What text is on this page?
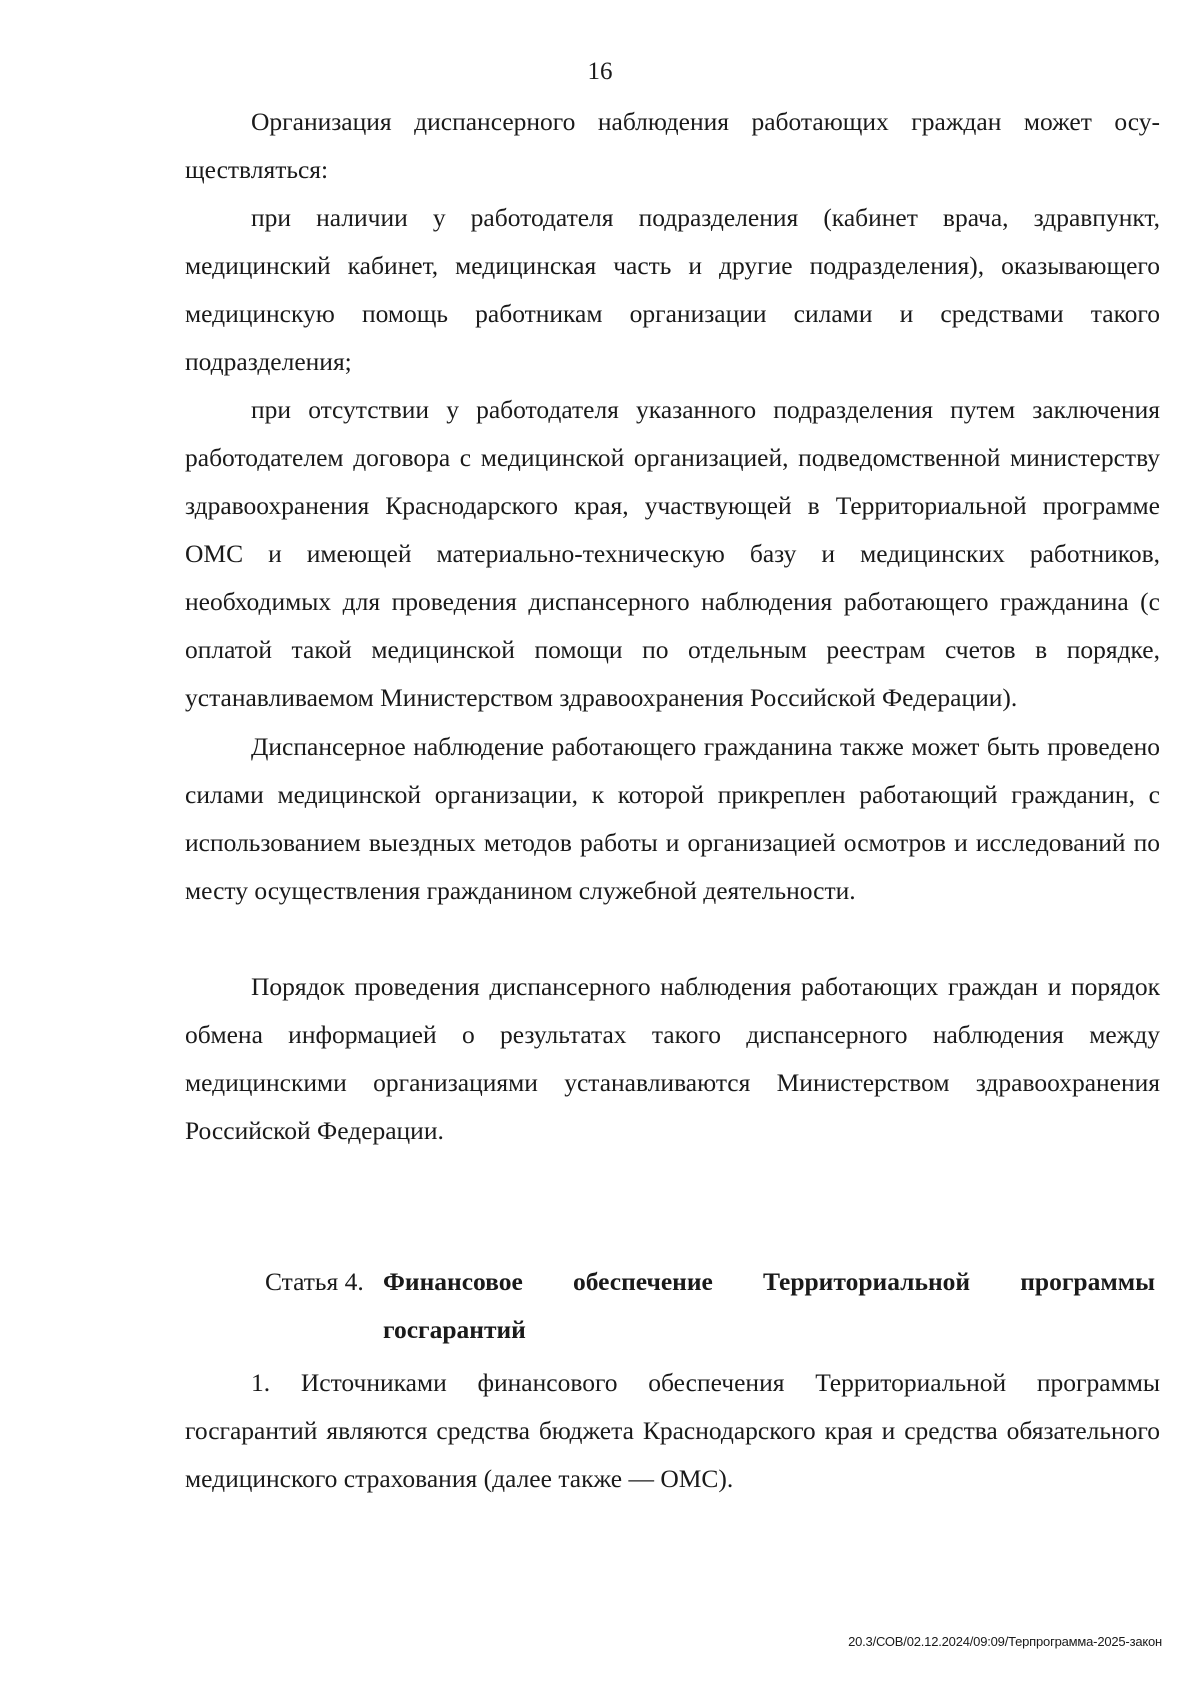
16

Организация диспансерного наблюдения работающих граждан может осуществляться:

при наличии у работодателя подразделения (кабинет врача, здравпункт, медицинский кабинет, медицинская часть и другие подразделения), оказывающего медицинскую помощь работникам организации силами и средствами такого подразделения;

при отсутствии у работодателя указанного подразделения путем заключения работодателем договора с медицинской организацией, подведомственной министерству здравоохранения Краснодарского края, участвующей в Территориальной программе ОМС и имеющей материально-техническую базу и медицинских работников, необходимых для проведения диспансерного наблюдения работающего гражданина (с оплатой такой медицинской помощи по отдельным реестрам счетов в порядке, устанавливаемом Министерством здравоохранения Российской Федерации).

Диспансерное наблюдение работающего гражданина также может быть проведено силами медицинской организации, к которой прикреплен работающий гражданин, с использованием выездных методов работы и организацией осмотров и исследований по месту осуществления гражданином служебной деятельности.

Порядок проведения диспансерного наблюдения работающих граждан и порядок обмена информацией о результатах такого диспансерного наблюдения между медицинскими организациями устанавливаются Министерством здравоохранения Российской Федерации.

Статья 4. Финансовое обеспечение Территориальной программы
госгарантий

1. Источниками финансового обеспечения Территориальной программы госгарантий являются средства бюджета Краснодарского края и средства обязательного медицинского страхования (далее также — ОМС).

20.3/СОВ/02.12.2024/09:09/Терпрограмма-2025-закон
